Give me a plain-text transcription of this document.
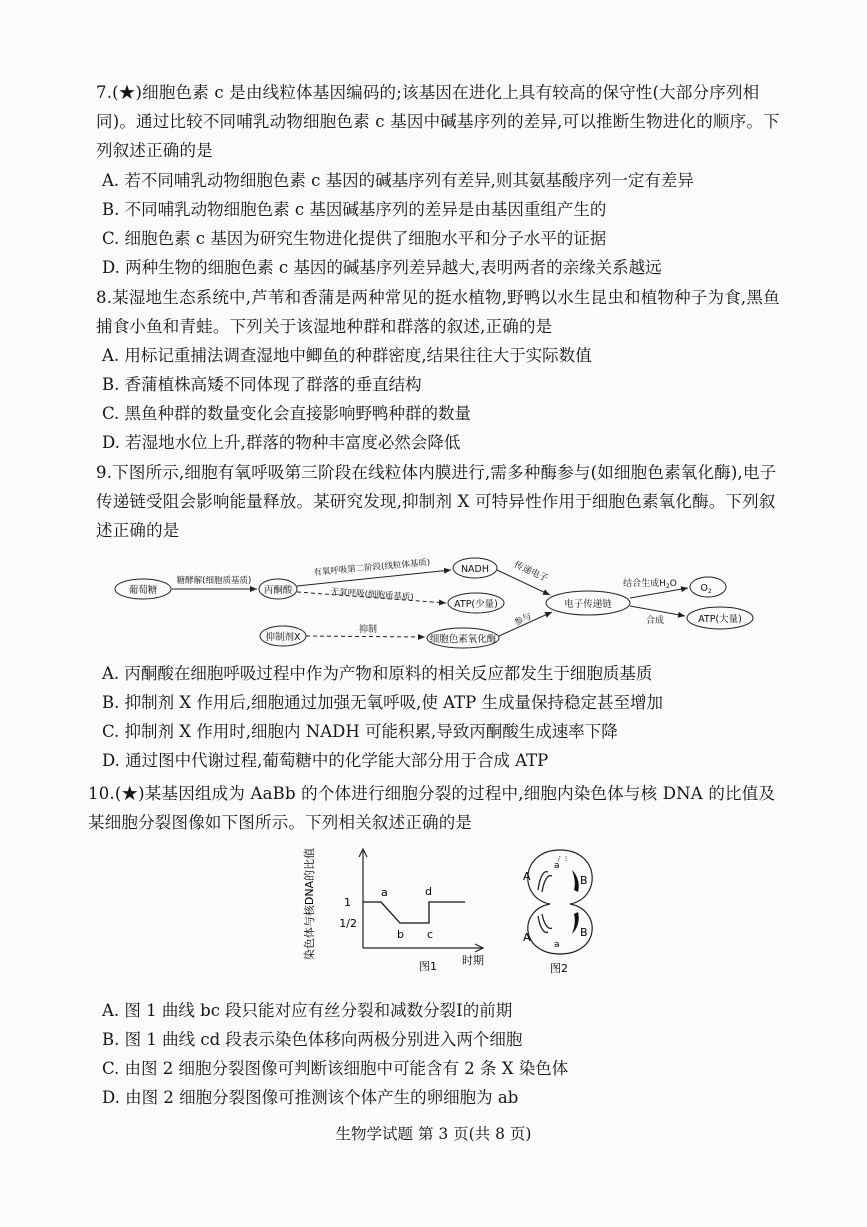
7.(★)细胞色素 c 是由线粒体基因编码的;该基因在进化上具有较高的保守性(大部分序列相同)。通过比较不同哺乳动物细胞色素 c 基因中碱基序列的差异,可以推断生物进化的顺序。下列叙述正确的是
A. 若不同哺乳动物细胞色素 c 基因的碱基序列有差异,则其氨基酸序列一定有差异
B. 不同哺乳动物细胞色素 c 基因碱基序列的差异是由基因重组产生的
C. 细胞色素 c 基因为研究生物进化提供了细胞水平和分子水平的证据
D. 两种生物的细胞色素 c 基因的碱基序列差异越大,表明两者的亲缘关系越远
8.某湿地生态系统中,芦苇和香蒲是两种常见的挺水植物,野鸭以水生昆虫和植物种子为食,黑鱼捕食小鱼和青蛙。下列关于该湿地种群和群落的叙述,正确的是
A. 用标记重捕法调查湿地中鲫鱼的种群密度,结果往往大于实际数值
B. 香蒲植株高矮不同体现了群落的垂直结构
C. 黑鱼种群的数量变化会直接影响野鸭种群的数量
D. 若湿地水位上升,群落的物种丰富度必然会降低
9.下图所示,细胞有氧呼吸第三阶段在线粒体内膜进行,需多种酶参与(如细胞色素氧化酶),电子传递链受阻会影响能量释放。某研究发现,抑制剂 X 可特异性作用于细胞色素氧化酶。下列叙述正确的是
葡萄糖
糖酵解(细胞质基质)
丙酮酸
有氧呼吸第二阶段(线粒体基质)	NADH
无氧呼吸(细胞质基质)
ATP(少量)
传递电子
电子传递链
结合生成$H_2O$ $O_2$
合成	ATP(大量)
参与
抑制剂X
抑制
细胞色素氧化酶
A. 丙酮酸在细胞呼吸过程中作为产物和原料的相关反应都发生于细胞质基质
B. 抑制剂 X 作用后,细胞通过加强无氧呼吸,使 ATP 生成量保持稳定甚至增加
C. 抑制剂 X 作用时,细胞内 NADH 可能积累,导致丙酮酸生成速率下降
D. 通过图中代谢过程,葡萄糖中的化学能大部分用于合成 ATP
10.(★)某基因组成为 AaBb 的个体进行细胞分裂的过程中,细胞内染色体与核 DNA 的比值及某细胞分裂图像如下图所示。下列相关叙述正确的是
染色体与核DNA的比值	1
1/2
a
b c
d
时期
图1
A
A
B
B
a
a
图2
A. 图 1 曲线 bc 段只能对应有丝分裂和减数分裂Ⅰ的前期
B. 图 1 曲线 cd 段表示染色体移向两极分别进入两个细胞
C. 由图 2 细胞分裂图像可判断该细胞中可能含有 2 条 X 染色体
D. 由图 2 细胞分裂图像可推测该个体产生的卵细胞为 ab
生物学试题 第 3 页(共 8 页)
